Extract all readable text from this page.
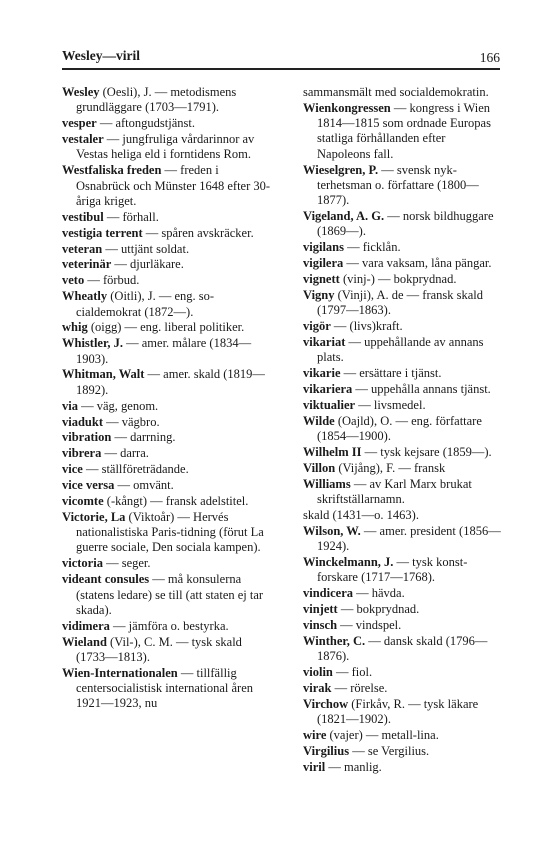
Wesley—viril	166
Wesley (Oesli), J. — metodismens grundläggare (1703—1791).
vesper — aftongudstjänst.
vestaler — jungfruliga vårdarinnor av Vestas heliga eld i forntidens Rom.
Westfaliska freden — freden i Osnabrück och Münster 1648 efter 30-åriga kriget.
vestibul — förhall.
vestigia terrent — spåren avskräcker.
veteran — uttjänt soldat.
veterinär — djurläkare.
veto — förbud.
Wheatly (Oitli), J. — eng. socialdemokrat (1872—).
whig (oigg) — eng. liberal politiker.
Whistler, J. — amer. målare (1834—1903).
Whitman, Walt — amer. skald (1819—1892).
via — väg, genom.
viadukt — vägbro.
vibration — darrning.
vibrera — darra.
vice — ställföreträdande.
vice versa — omvänt.
vicomte (-kångt) — fransk adelstitel.
Victorie, La (Viktoår) — Hervés nationalistiska Paris-tidning (förut La guerre sociale, Den sociala kampen).
victoria — seger.
videant consules — må konsulerna (statens ledare) se till (att staten ej tar skada).
vidimera — jämföra o. bestyrka.
Wieland (Vil-), C. M. — tysk skald (1733—1813).
Wien-Internationalen — tillfällig centersocialistisk international åren 1921—1923, nu
sammansmält med socialdemokratin.
Wienkongressen — kongress i Wien 1814—1815 som ordnade Europas statliga förhållanden efter Napoleons fall.
Wieselgren, P. — svensk nykterhetsman o. författare (1800—1877).
Vigeland, A. G. — norsk bildhuggare (1869—).
vigilans — ficklån.
vigilera — vara vaksam, låna pängar.
vignett (vinj-) — bokprydnad.
Vigny (Vinji), A. de — fransk skald (1797—1863).
vigör — (livs)kraft.
vikariat — uppehållande av annans plats.
vikarie — ersättare i tjänst.
vikariera — uppehålla annans tjänst.
viktualier — livsmedel.
Wilde (Oajld), O. — eng. författare (1854—1900).
Wilhelm II — tysk kejsare (1859—).
Villon (Vijång), F. — fransk
Williams — av Karl Marx brukat skriftställarnamn.
skald (1431—o. 1463).
Wilson, W. — amer. president (1856—1924).
Winckelmann, J. — tysk konstforskare (1717—1768).
vindicera — hävda.
vinjett — bokprydnad.
vinsch — vindspel.
Winther, C. — dansk skald (1796—1876).
violin — fiol.
virak — rörelse.
Virchow (Firkåv, R. — tysk läkare (1821—1902).
wire (vajer) — metall-lina.
Virgilius — se Vergilius.
viril — manlig.
